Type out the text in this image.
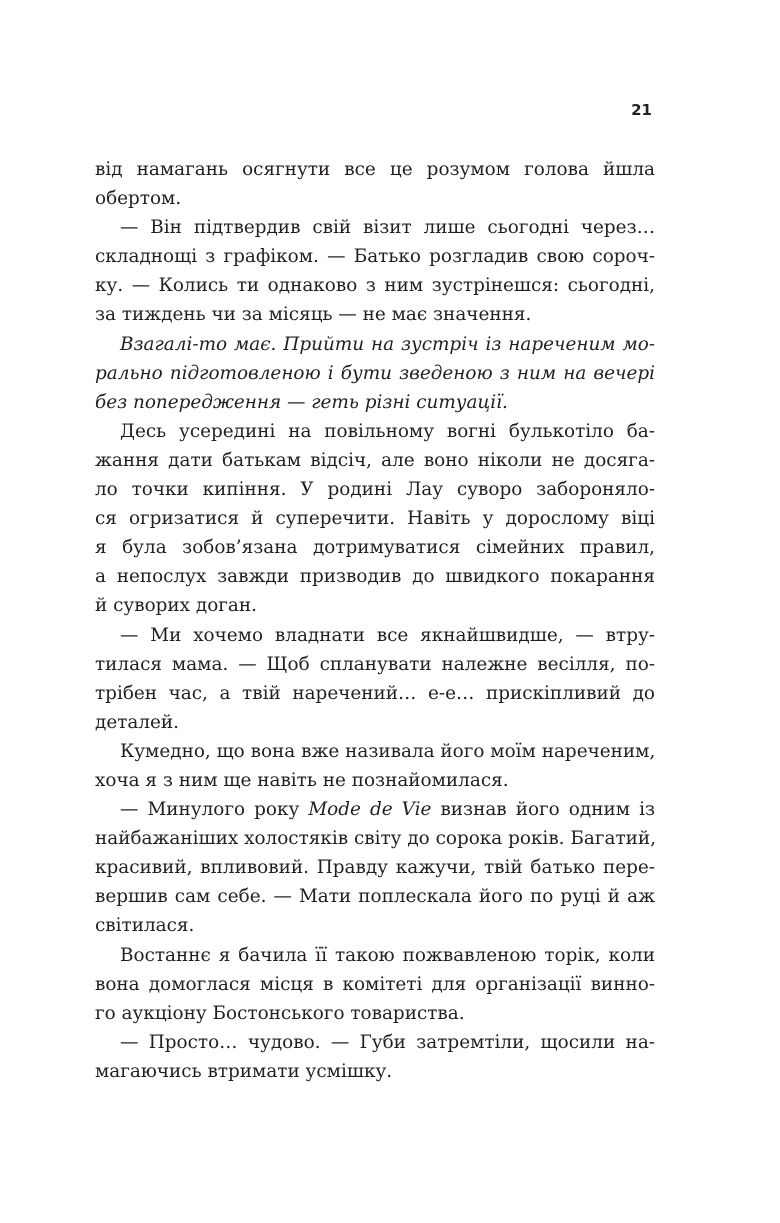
21
від намагань осягнути все це розумом голова йшла
обертом.
— Він підтвердив свій візит лише сьогодні через…
складнощі з графіком. — Батько розгладив свою сороч-
ку. — Колись ти однаково з ним зустрінешся: сьогодні,
за тиждень чи за місяць — не має значення.
Взагалі-то має. Прийти на зустріч із нареченим мо-
рально підготовленою і бути зведеною з ним на вечері
без попередження — геть різні ситуації.
Десь усередині на повільному вогні булькотіло ба-
жання дати батькам відсіч, але воно ніколи не досяга-
ло точки кипіння. У родині Лау суворо забороняло-
ся огризатися й суперечити. Навіть у дорослому віці
я була зобов’язана дотримуватися сімейних правил,
а непослух завжди призводив до швидкого покарання
й суворих доган.
— Ми хочемо владнати все якнайшвидше, — втру-
тилася мама. — Щоб спланувати належне весілля, по-
трібен час, а твій наречений… е-е… прискіпливий до
деталей.
Кумедно, що вона вже називала його моїм нареченим,
хоча я з ним ще навіть не познайомилася.
— Минулого року Mode de Vie визнав його одним із
найбажаніших холостяків світу до сорока років. Багатий,
красивий, впливовий. Правду кажучи, твій батько пере-
вершив сам себе. — Мати поплескала його по руці й аж
світилася.
Востаннє я бачила її такою пожвавленою торік, коли
вона домоглася місця в комітеті для організації винно-
го аукціону Бостонського товариства.
— Просто… чудово. — Губи затремтіли, щосили на-
магаючись втримати усмішку.
